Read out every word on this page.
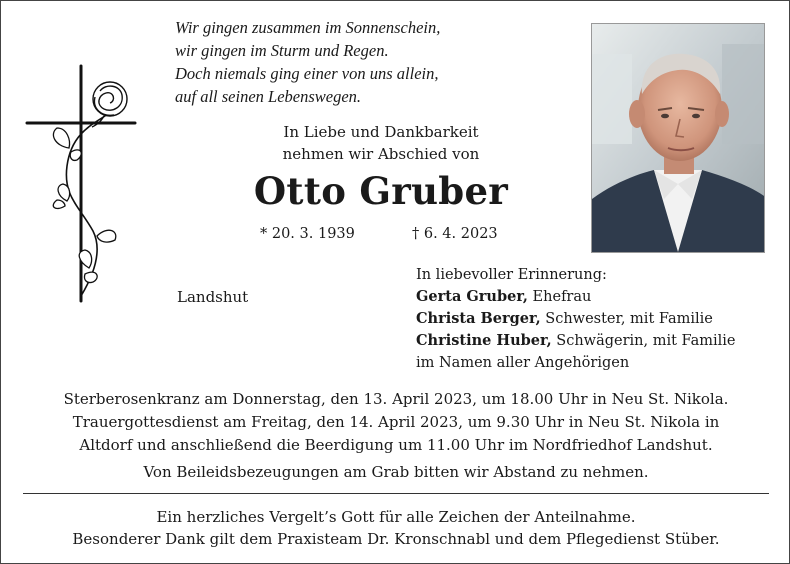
Wir gingen zusammen im Sonnenschein,
wir gingen im Sturm und Regen.
Doch niemals ging einer von uns allein,
auf all seinen Lebenswegen.
In Liebe und Dankbarkeit
nehmen wir Abschied von
Otto Gruber
* 20. 3. 1939	† 6. 4. 2023
Landshut
In liebevoller Erinnerung:
Gerta Gruber, Ehefrau
Christa Berger, Schwester, mit Familie
Christine Huber, Schwägerin, mit Familie
im Namen aller Angehörigen
Sterberosenkranz am Donnerstag, den 13. April 2023, um 18.00 Uhr in Neu St. Nikola.
Trauergottesdienst am Freitag, den 14. April 2023, um 9.30 Uhr in Neu St. Nikola in
Altdorf und anschließend die Beerdigung um 11.00 Uhr im Nordfriedhof Landshut.
Von Beileidsbezeugungen am Grab bitten wir Abstand zu nehmen.
Ein herzliches Vergelt’s Gott für alle Zeichen der Anteilnahme.
Besonderer Dank gilt dem Praxisteam Dr. Kronschnabl und dem Pflegedienst Stüber.
